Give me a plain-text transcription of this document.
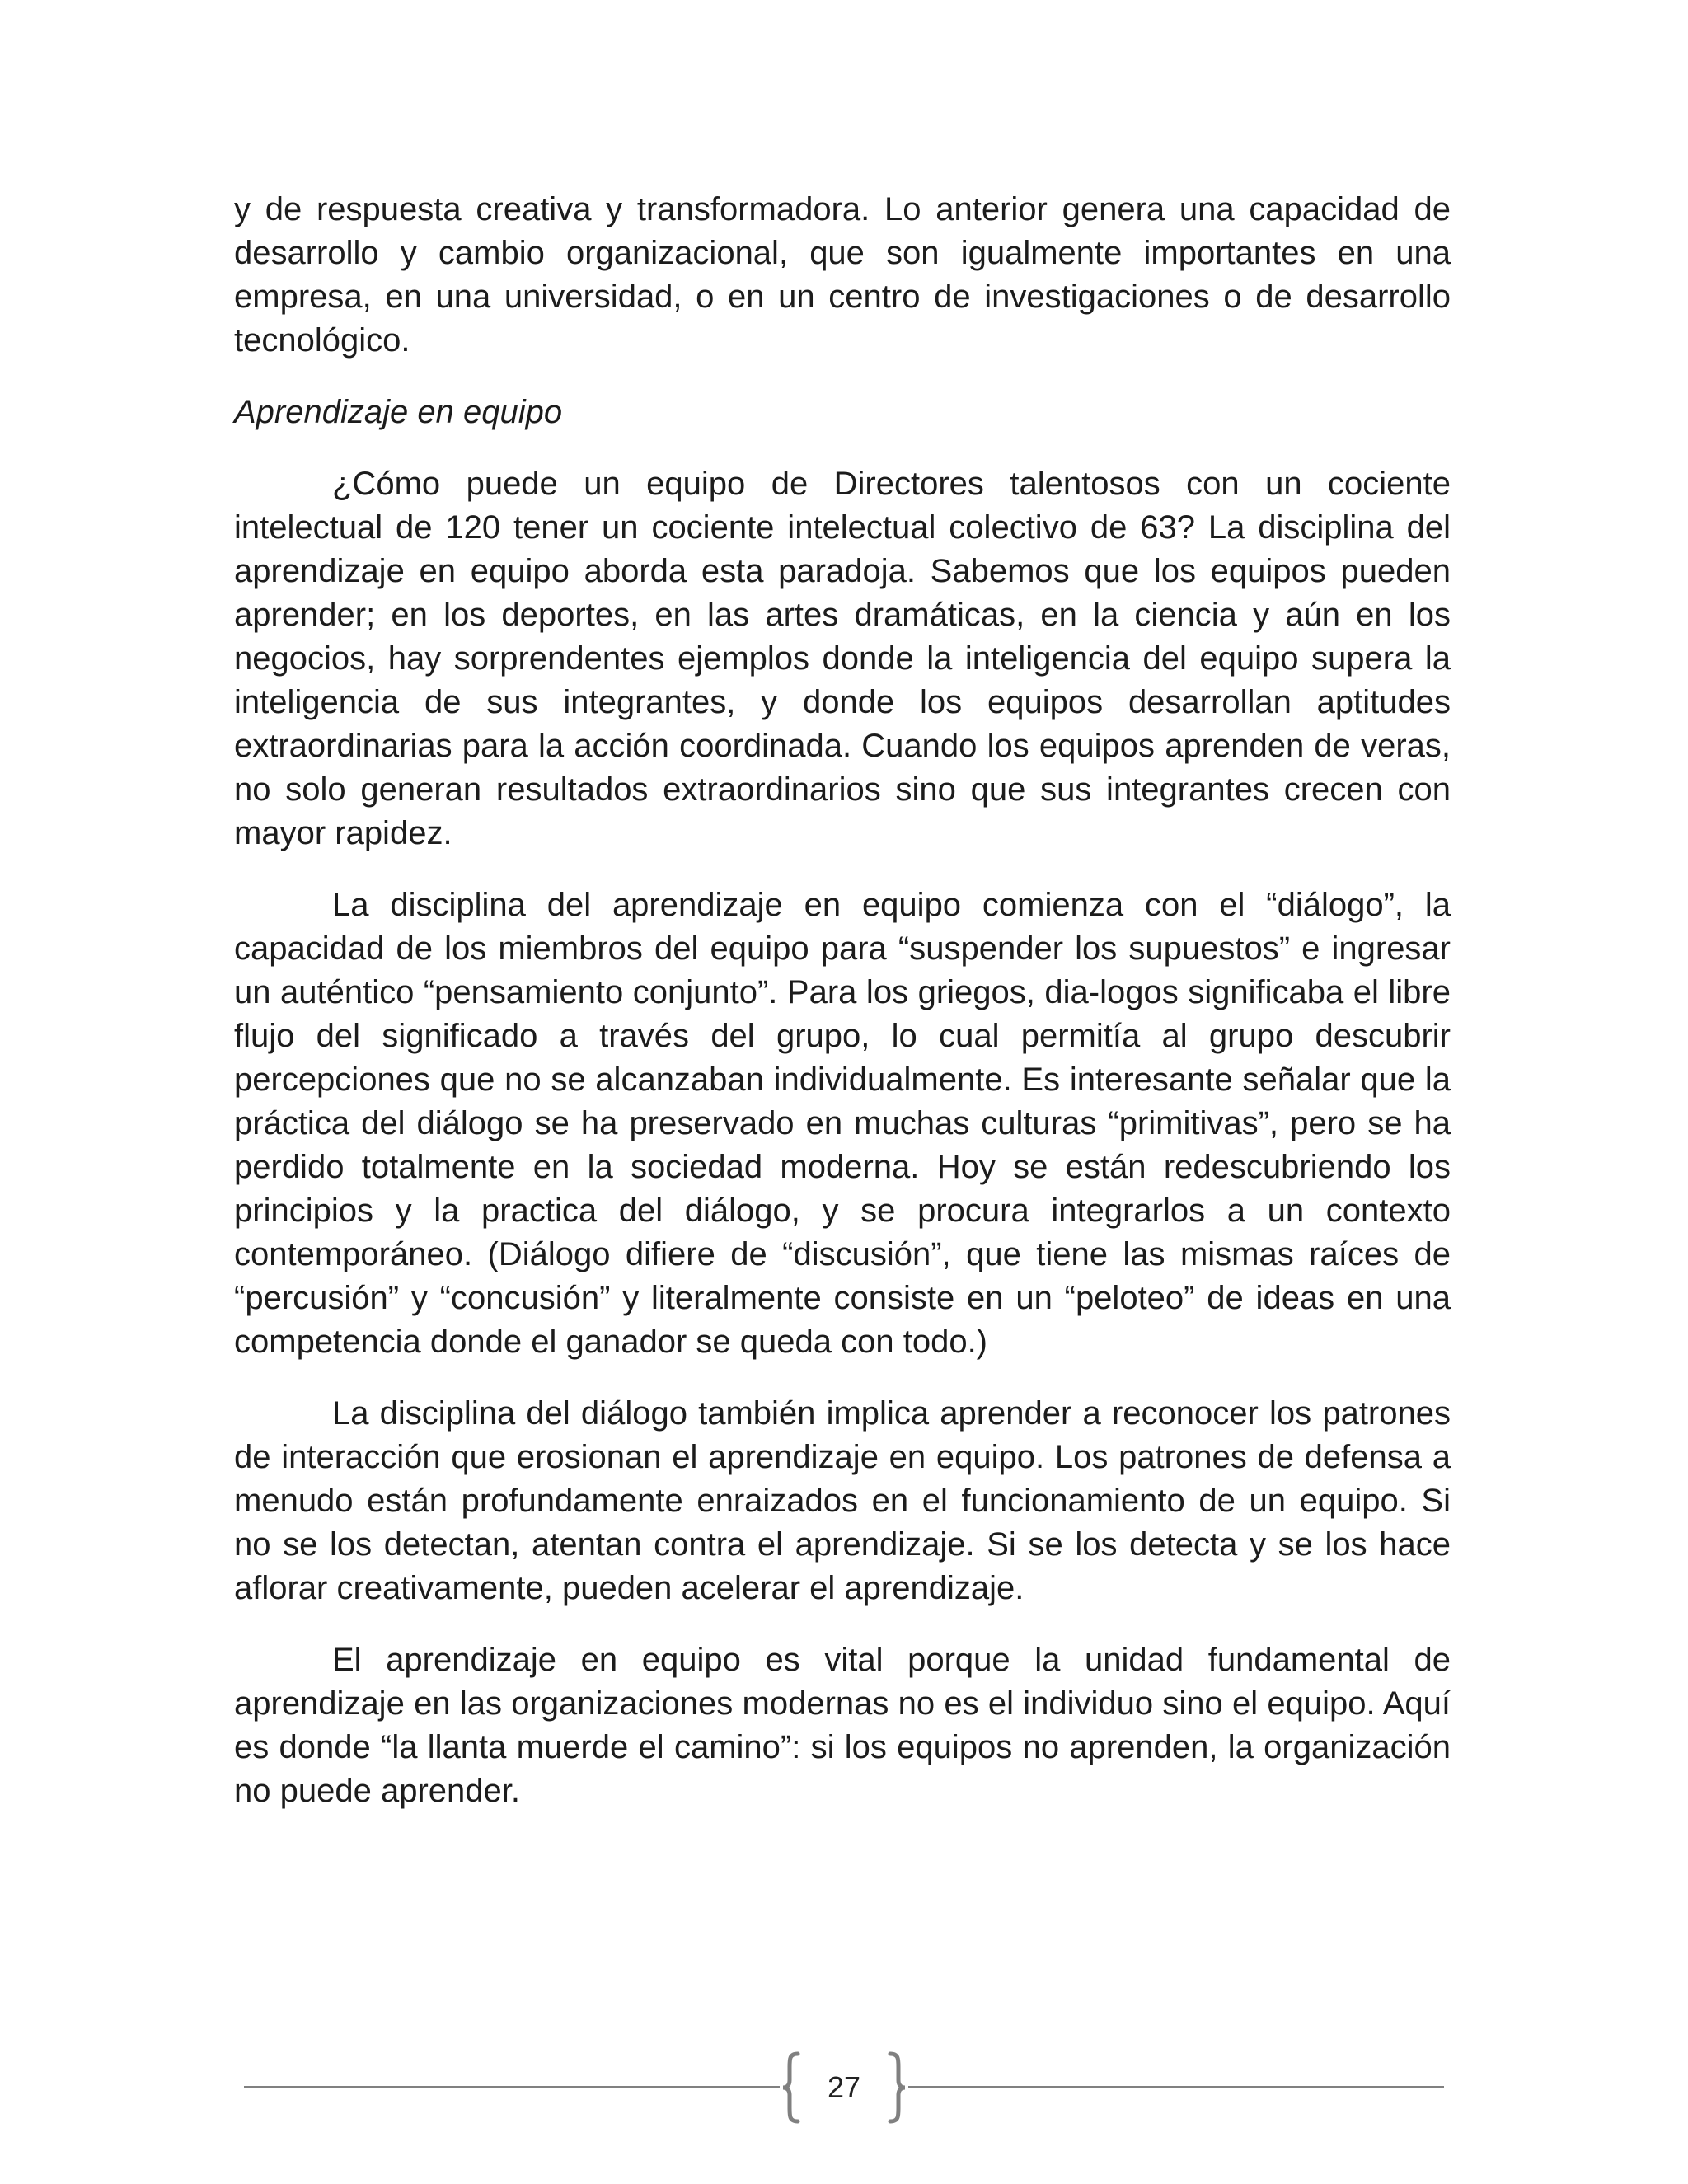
y de respuesta creativa y transformadora. Lo anterior genera una capacidad de desarrollo y cambio organizacional, que son igualmente importantes en una empresa, en una universidad, o en un centro de investigaciones o de desarrollo tecnológico.

Aprendizaje en equipo

¿Cómo puede un equipo de Directores talentosos con un cociente intelectual de 120 tener un cociente intelectual colectivo de 63? La disciplina del aprendizaje en equipo aborda esta paradoja. Sabemos que los equipos pueden aprender; en los deportes, en las artes dramáticas, en la ciencia y aún en los negocios, hay sorprendentes ejemplos donde la inteligencia del equipo supera la inteligencia de sus integrantes, y donde los equipos desarrollan aptitudes extraordinarias para la acción coordinada. Cuando los equipos aprenden de veras, no solo generan resultados extraordinarios sino que sus integrantes crecen con mayor rapidez.

La disciplina del aprendizaje en equipo comienza con el “diálogo”, la capacidad de los miembros del equipo para “suspender los supuestos” e ingresar un auténtico “pensamiento conjunto”. Para los griegos, dia-logos significaba el libre flujo del significado a través del grupo, lo cual permitía al grupo descubrir percepciones que no se alcanzaban individualmente. Es interesante señalar que la práctica del diálogo se ha preservado en muchas culturas “primitivas”, pero se ha perdido totalmente en la sociedad moderna. Hoy se están redescubriendo los principios y la practica del diálogo, y se procura integrarlos a un contexto contemporáneo. (Diálogo difiere de “discusión”, que tiene las mismas raíces de “percusión” y “concusión” y literalmente consiste en un “peloteo” de ideas en una competencia donde el ganador se queda con todo.)

La disciplina del diálogo también implica aprender a reconocer los patrones de interacción que erosionan el aprendizaje en equipo. Los patrones de defensa a menudo están profundamente enraizados en el funcionamiento de un equipo. Si no se los detectan, atentan contra el aprendizaje. Si se los detecta y se los hace aflorar creativamente, pueden acelerar el aprendizaje.

El aprendizaje en equipo es vital porque la unidad fundamental de aprendizaje en las organizaciones modernas no es el individuo sino el equipo. Aquí es donde “la llanta muerde el camino”: si los equipos no aprenden, la organización no puede aprender.

27
